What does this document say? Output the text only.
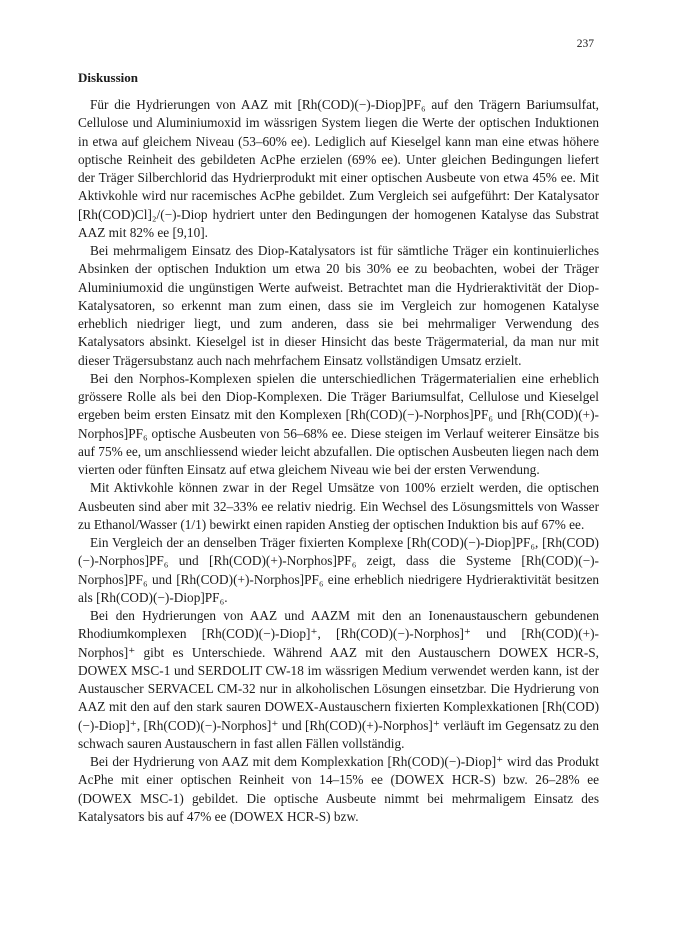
237
Diskussion

Für die Hydrierungen von AAZ mit [Rh(COD)(−)-Diop]PF₆ auf den Trägern Bariumsulfat, Cellulose und Aluminiumoxid im wässrigen System liegen die Werte der optischen Induktionen in etwa auf gleichem Niveau (53–60% ee). Lediglich auf Kieselgel kann man eine etwas höhere optische Reinheit des gebildeten AcPhe erzielen (69% ee). Unter gleichen Bedingungen liefert der Träger Silberchlorid das Hydrierprodukt mit einer optischen Ausbeute von etwa 45% ee. Mit Aktivkohle wird nur racemisches AcPhe gebildet. Zum Vergleich sei aufgeführt: Der Katalysator [Rh(COD)Cl]₂/(−)-Diop hydriert unter den Bedingungen der homogenen Katalyse das Substrat AAZ mit 82% ee [9,10].

Bei mehrmaligem Einsatz des Diop-Katalysators ist für sämtliche Träger ein kontinuierliches Absinken der optischen Induktion um etwa 20 bis 30% ee zu beobachten, wobei der Träger Aluminiumoxid die ungünstigen Werte aufweist. Betrachtet man die Hydrieraktivität der Diop-Katalysatoren, so erkennt man zum einen, dass sie im Vergleich zur homogenen Katalyse erheblich niedriger liegt, und zum anderen, dass sie bei mehrmaliger Verwendung des Katalysators absinkt. Kieselgel ist in dieser Hinsicht das beste Trägermaterial, da man nur mit dieser Trägersubstanz auch nach mehrfachem Einsatz vollständigen Umsatz erzielt.

Bei den Norphos-Komplexen spielen die unterschiedlichen Trägermaterialien eine erheblich grössere Rolle als bei den Diop-Komplexen. Die Träger Bariumsulfat, Cellulose und Kieselgel ergeben beim ersten Einsatz mit den Komplexen [Rh(COD)(−)-Norphos]PF₆ und [Rh(COD)(+)-Norphos]PF₆ optische Ausbeuten von 56–68% ee. Diese steigen im Verlauf weiterer Einsätze bis auf 75% ee, um anschliessend wieder leicht abzufallen. Die optischen Ausbeuten liegen nach dem vierten oder fünften Einsatz auf etwa gleichem Niveau wie bei der ersten Verwendung.

Mit Aktivkohle können zwar in der Regel Umsätze von 100% erzielt werden, die optischen Ausbeuten sind aber mit 32–33% ee relativ niedrig. Ein Wechsel des Lösungsmittels von Wasser zu Ethanol/Wasser (1/1) bewirkt einen rapiden Anstieg der optischen Induktion bis auf 67% ee.

Ein Vergleich der an denselben Träger fixierten Komplexe [Rh(COD)(−)-Diop]PF₆, [Rh(COD)(−)-Norphos]PF₆ und [Rh(COD)(+)-Norphos]PF₆ zeigt, dass die Systeme [Rh(COD)(−)-Norphos]PF₆ und [Rh(COD)(+)-Norphos]PF₆ eine erheblich niedrigere Hydrieraktivität besitzen als [Rh(COD)(−)-Diop]PF₆.

Bei den Hydrierungen von AAZ und AAZM mit den an Ionenaustauschern gebundenen Rhodiumkomplexen [Rh(COD)(−)-Diop]⁺, [Rh(COD)(−)-Norphos]⁺ und [Rh(COD)(+)-Norphos]⁺ gibt es Unterschiede. Während AAZ mit den Austauschern DOWEX HCR-S, DOWEX MSC-1 und SERDOLIT CW-18 im wässrigen Medium verwendet werden kann, ist der Austauscher SERVACEL CM-32 nur in alkoholischen Lösungen einsetzbar. Die Hydrierung von AAZ mit den auf den stark sauren DOWEX-Austauschern fixierten Komplexkationen [Rh(COD)(−)-Diop]⁺, [Rh(COD)(−)-Norphos]⁺ und [Rh(COD)(+)-Norphos]⁺ verläuft im Gegensatz zu den schwach sauren Austauschern in fast allen Fällen vollständig.

Bei der Hydrierung von AAZ mit dem Komplexkation [Rh(COD)(−)-Diop]⁺ wird das Produkt AcPhe mit einer optischen Reinheit von 14–15% ee (DOWEX HCR-S) bzw. 26–28% ee (DOWEX MSC-1) gebildet. Die optische Ausbeute nimmt bei mehrmaligem Einsatz des Katalysators bis auf 47% ee (DOWEX HCR-S) bzw.
